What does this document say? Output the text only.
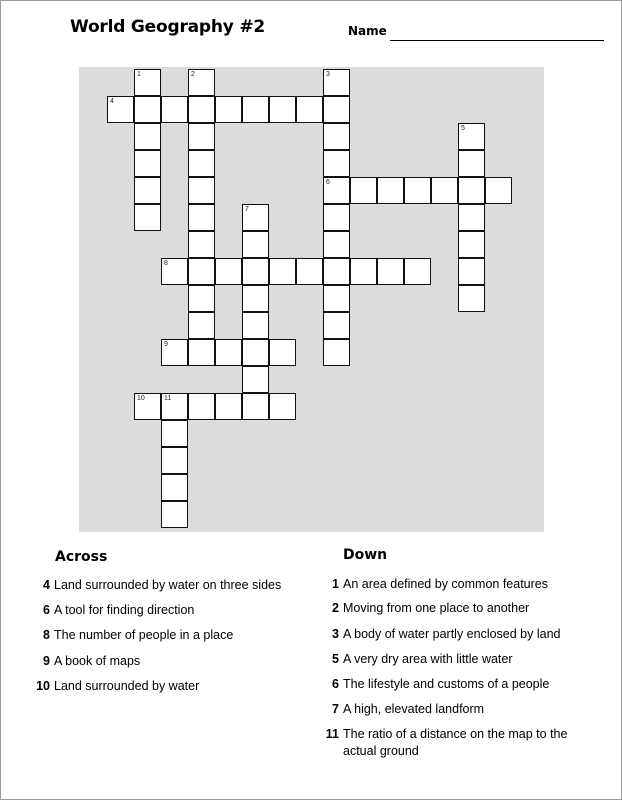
World Geography #2	Name
4
1	2	3
5
6
7
8
9
10	11
Across
4 Land surrounded by water on three sides
6 A tool for finding direction
8 The number of people in a place
9 A book of maps
10 Land surrounded by water
Down
1 An area defined by common features
2 Moving from one place to another
3 A body of water partly enclosed by land
5 A very dry area with little water
6 The lifestyle and customs of a people
7 A high, elevated landform
11 The ratio of a distance on the map to the
actual ground
